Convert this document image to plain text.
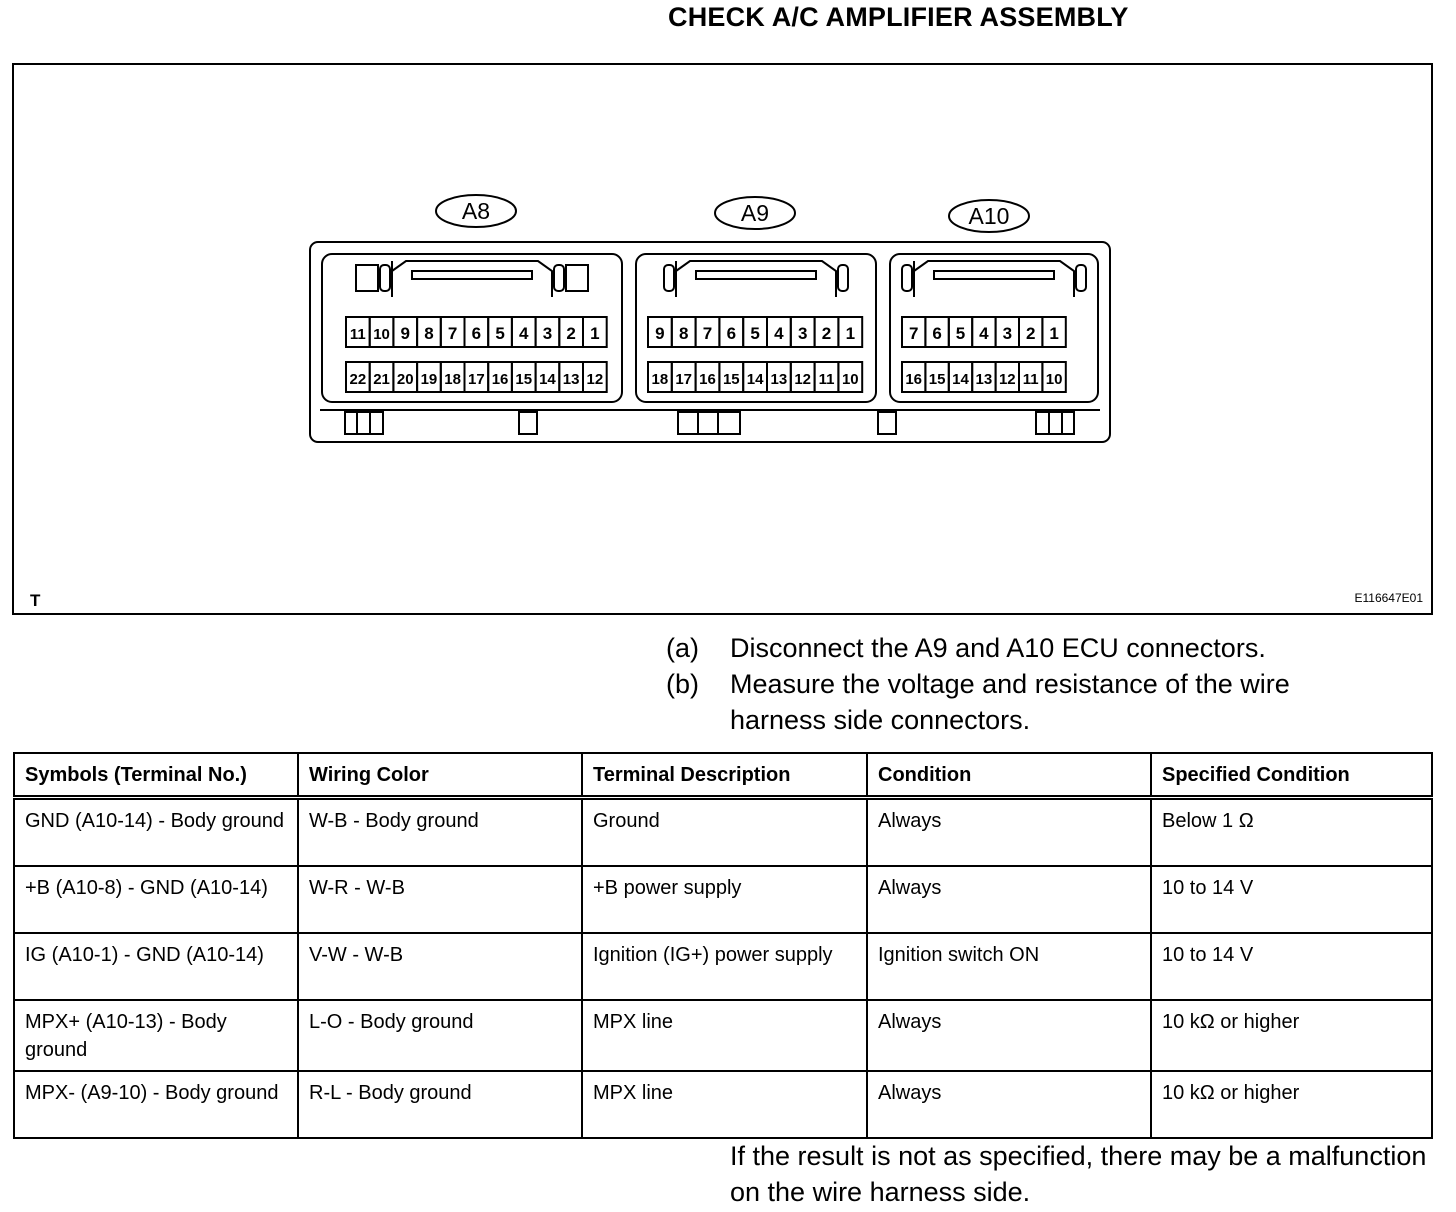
CHECK A/C AMPLIFIER ASSEMBLY
A8
11 10 9 8 7 6 5 4 3 2 1
22 21 20 19 18 17 16 15 14 13 12
A9
9 8 7 6 5 4 3 2 1
18 17 16 15 14 13 12 11 10
A10
7 6 5 4 3 2 1
16 15 14 13 12 11 10
T	E116647E01
(a)	Disconnect the A9 and A10 ECU connectors.
(b)	Measure the voltage and resistance of the wire harness side connectors.
Symbols (Terminal No.)	Wiring Color	Terminal Description	Condition	Specified Condition
GND (A10-14) - Body ground	W-B - Body ground	Ground	Always	Below 1 Ω
+B (A10-8) - GND (A10-14)	W-R - W-B	+B power supply	Always	10 to 14 V
IG (A10-1) - GND (A10-14)	V-W - W-B	Ignition (IG+) power supply	Ignition switch ON	10 to 14 V
MPX+ (A10-13) - Body ground	L-O - Body ground	MPX line	Always	10 kΩ or higher
MPX- (A9-10) - Body ground	R-L - Body ground	MPX line	Always	10 kΩ or higher
If the result is not as specified, there may be a malfunction on the wire harness side.
